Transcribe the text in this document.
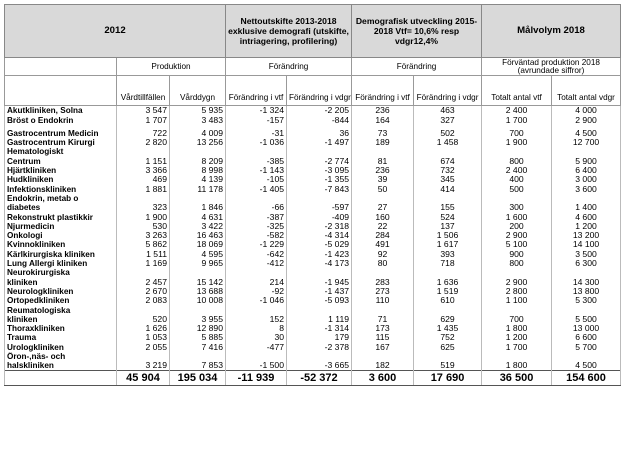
2012			Nettoutskifte 2013-2018 exklusive demografi (utskifte, intriagering, profilering)		Demografisk utveckling 2015-2018 Vtf= 10,6% resp vdgr12,4%		Målvolym 2018	
	Produktion		Förändring		Förändring		Förväntad produktion 2018 (avrundade siffror)	
	Vårdtillfällen	Vårddygn	Förändring i vtf	Förändring i vdgr	Förändring i vtf	Förändring i vdgr	Totalt antal vtf	Totalt antal vdgr
Akutkliniken, Solna	3 547	5 935	-1 324	-2 205	236	463	2 400	4 000
Bröst o Endokrin	1 707	3 483	-157	-844	164	327	1 700	2 900

Gastrocentrum Medicin	722	4 009	-31	36	73	502	700	4 500
Gastrocentrum Kirurgi	2 820	13 256	-1 036	-1 497	189	1 458	1 900	12 700
Hematologiskt								
Centrum	1 151	8 209	-385	-2 774	81	674	800	5 900
Hjärtkliniken	3 366	8 998	-1 143	-3 095	236	732	2 400	6 400
Hudkliniken	469	4 139	-105	-1 355	39	345	400	3 000
Infektionskliniken	1 881	11 178	-1 405	-7 843	50	414	500	3 600
Endokrin, metab o								
diabetes	323	1 846	-66	-597	27	155	300	1 400
Rekonstrukt plastikkir	1 900	4 631	-387	-409	160	524	1 600	4 600
Njurmedicin	530	3 422	-325	-2 318	22	137	200	1 200
Onkologi	3 263	16 463	-582	-4 314	284	1 506	2 900	13 200
Kvinnokliniken	5 862	18 069	-1 229	-5 029	491	1 617	5 100	14 100
Kärlkirurgiska kliniken	1 511	4 595	-642	-1 423	92	393	900	3 500
Lung Allergi kliniken	1 169	9 965	-412	-4 173	80	718	800	6 300
Neurokirurgiska								
kliniken	2 457	15 142	214	-1 945	283	1 636	2 900	14 300
Neurologkliniken	2 670	13 688	-92	-1 437	273	1 519	2 800	13 800
Ortopedkliniken	2 083	10 008	-1 046	-5 093	110	610	1 100	5 300
Reumatologiska								
kliniken	520	3 955	152	1 119	71	629	700	5 500
Thoraxkliniken	1 626	12 890	8	-1 314	173	1 435	1 800	13 000
Trauma	1 053	5 885	30	179	115	752	1 200	6 600
Urologkliniken	2 055	7 416	-477	-2 378	167	625	1 700	5 700
Öron-,näs- och								
halskliniken	3 219	7 853	-1 500	-3 665	182	519	1 800	4 500
	45 904	195 034	-11 939	-52 372	3 600	17 690	36 500	154 600
